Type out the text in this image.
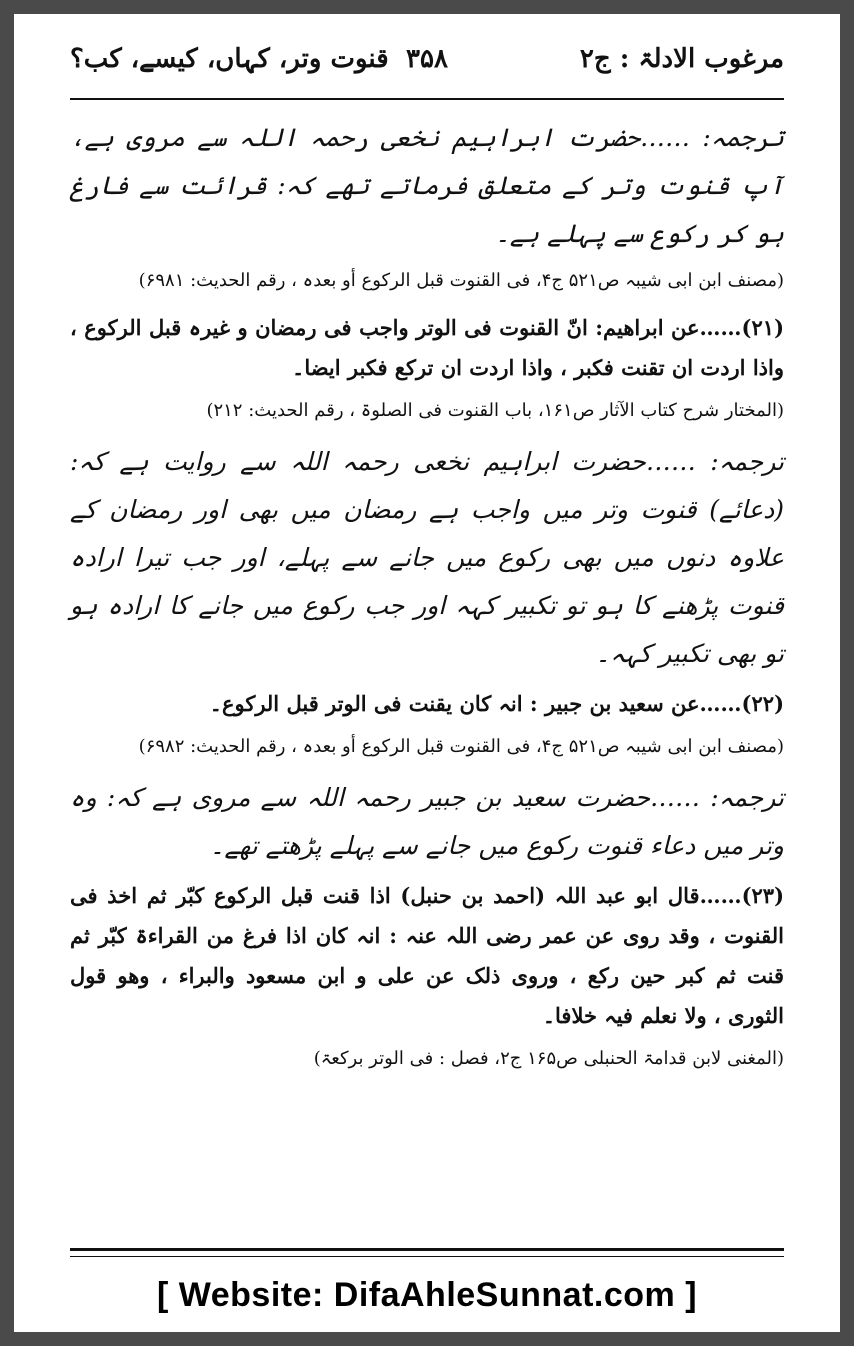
مرغوب الادلۃ : ج۲
۳۵۸
قنوت وتر، کہاں، کیسے، کب؟

ترجمہ: ……حضرت ابراہیم نخعی رحمہ اللہ سے مروی ہے، آپ قنوت وتر کے متعلق فرماتے تھے کہ: قرائت سے فارغ ہو کر رکوع سے پہلے ہے۔

(مصنف ابن ابی شیبہ ص۵۲۱ ج۴، فی القنوت قبل الرکوع أو بعدہ ، رقم الحدیث: ۶۹۸۱)

(۲۱)……عن ابراھیم: انّ القنوت فی الوتر واجب فی رمضان و غیرہ قبل الرکوع ، واذا اردت ان تقنت فکبر ، واذا اردت ان ترکع فکبر ایضا۔

(المختار شرح کتاب الآثار ص۱۶۱، باب القنوت فی الصلوۃ ، رقم الحدیث: ۲۱۲)

ترجمہ: ……حضرت ابراہیم نخعی رحمہ اللہ سے روایت ہے کہ: (دعائے) قنوت وتر میں واجب ہے رمضان میں بھی اور رمضان کے علاوہ دنوں میں بھی رکوع میں جانے سے پہلے، اور جب تیرا ارادہ قنوت پڑھنے کا ہو تو تکبیر کہہ اور جب رکوع میں جانے کا ارادہ ہو تو بھی تکبیر کہہ۔

(۲۲)……عن سعید بن جبیر : انہ کان یقنت فی الوتر قبل الرکوع۔

(مصنف ابن ابی شیبہ ص۵۲۱ ج۴، فی القنوت قبل الرکوع أو بعدہ ، رقم الحدیث: ۶۹۸۲)

ترجمہ: ……حضرت سعید بن جبیر رحمہ اللہ سے مروی ہے کہ: وہ وتر میں دعاء قنوت رکوع میں جانے سے پہلے پڑھتے تھے۔

(۲۳)……قال ابو عبد اللہ (احمد بن حنبل) اذا قنت قبل الرکوع کبّر ثم اخذ فی القنوت ، وقد روی عن عمر رضی اللہ عنہ : انہ کان اذا فرغ من القراءۃ کبّر ثم قنت ثم کبر حین رکع ، وروی ذلک عن علی و ابن مسعود والبراء ، وھو قول الثوری ، ولا نعلم فیہ خلافا۔

(المغنی لابن قدامۃ الحنبلی ص۱۶۵ ج۲، فصل : فی الوتر برکعۃ)

[ Website: DifaAhleSunnat.com ]
